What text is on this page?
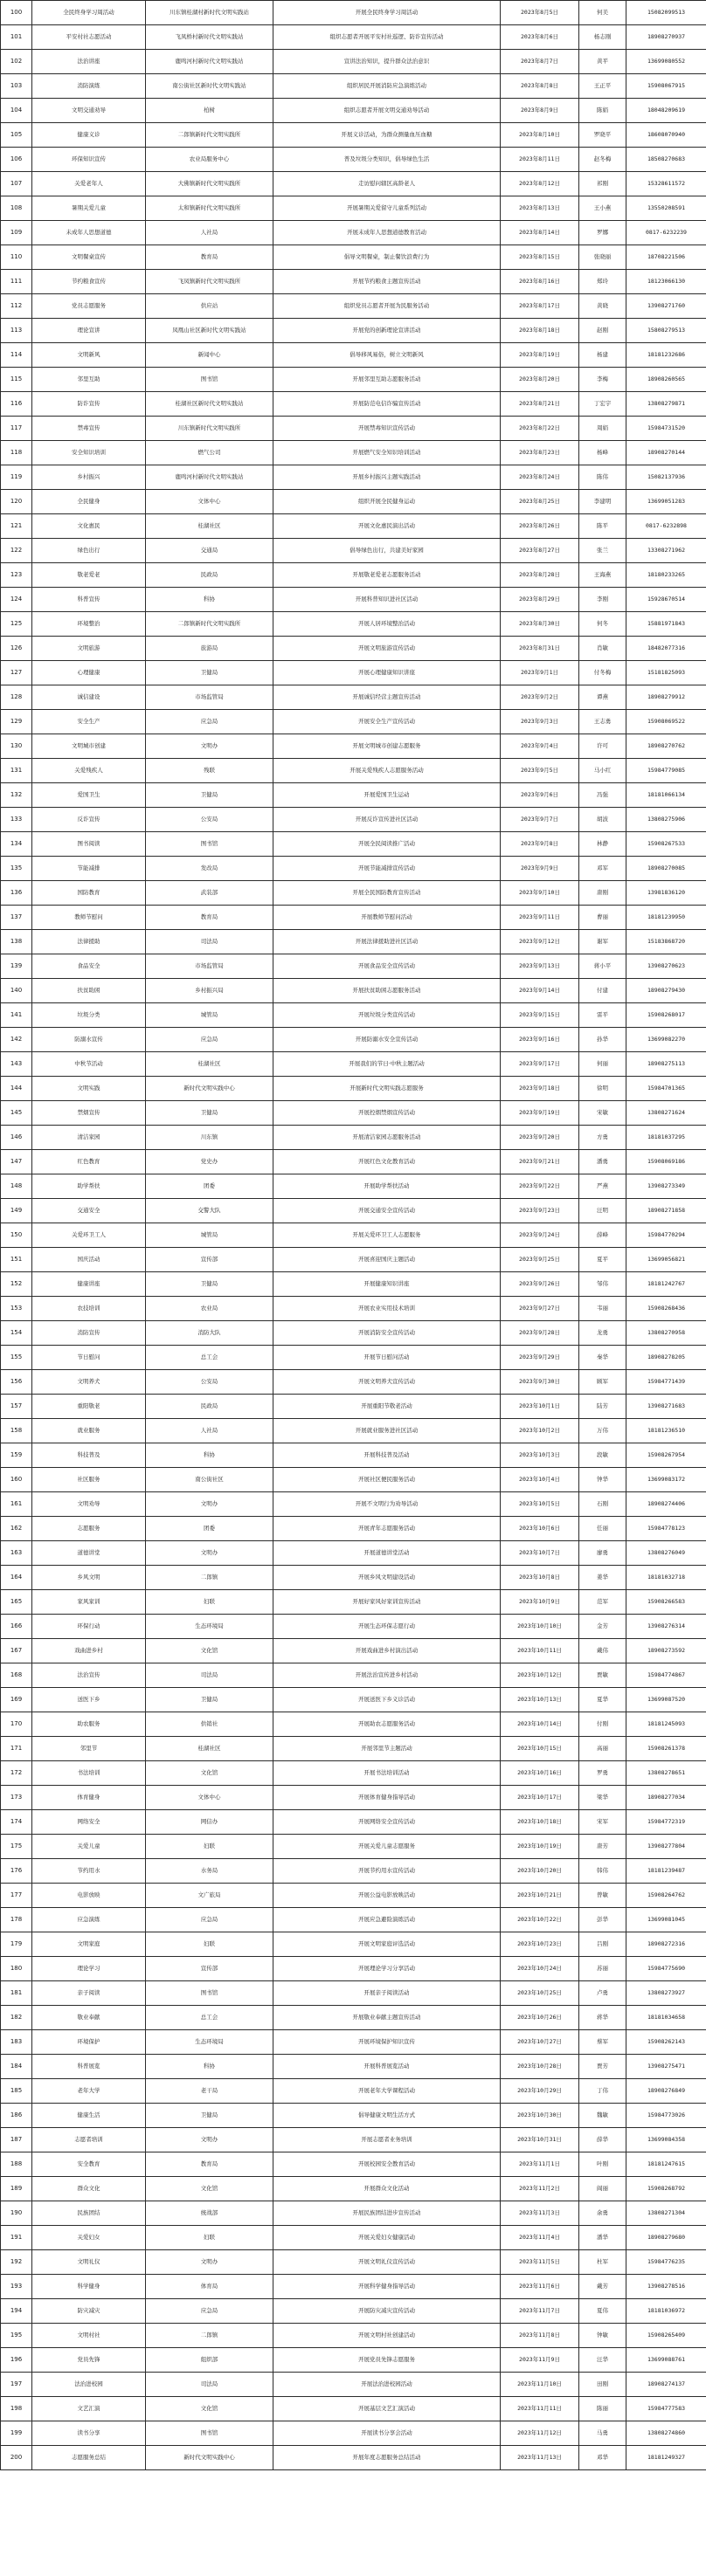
100	全民终身学习周活动	川东镇桂湖村新时代文明实践站	开展全民终身学习周活动	2023年8月5日	何美	15082099513
101	平安村社志愿活动	飞凤桥村新时代文明实践站	组织志愿者开展平安村社巡逻、防诈宣传活动	2023年8月6日	杨志刚	18908270937
102	法治讲座	鹿鸣河村新时代文明实践站	宣讲法治知识，提升群众法治意识	2023年8月7日	黄平	13699080552
103	消防演练	南公街社区新时代文明实践站	组织居民开展消防应急演练活动	2023年8月8日	王正平	15908067915
104	文明交通劝导	柏树	组织志愿者开展文明交通劝导活动	2023年8月9日	陈娟	18048209619
105	健康义诊	二郎镇新时代文明实践所	开展义诊活动，为群众测量血压血糖	2023年8月10日	罗晓平	18608070940
106	环保知识宣传	农业局服务中心	普及垃圾分类知识，倡导绿色生活	2023年8月11日	赵冬梅	18508270683
107	关爱老年人	大佛镇新时代文明实践所	走访慰问辖区高龄老人	2023年8月12日	祁刚	15328611572
108	暑期关爱儿童	太和镇新时代文明实践所	开展暑期关爱留守儿童系列活动	2023年8月13日	王小燕	13550208591
109	未成年人思想道德	人社局	开展未成年人思想道德教育活动	2023年8月14日	罗娜	0817-6232239
110	文明餐桌宣传	教育局	倡导文明餐桌，制止餐饮浪费行为	2023年8月15日	张晓丽	18708221506
111	节约粮食宣传	飞凤镇新时代文明实践所	开展节约粮食主题宣传活动	2023年8月16日	郑玲	18123066130
112	党员志愿服务	供应站	组织党员志愿者开展为民服务活动	2023年8月17日	黄晓	13908271760
113	理论宣讲	凤凰山社区新时代文明实践站	开展党的创新理论宣讲活动	2023年8月18日	赵刚	15808279513
114	文明新风	新闻中心	倡导移风易俗，树立文明新风	2023年8月19日	杨建	18181232686
115	邻里互助	图书馆	开展邻里互助志愿服务活动	2023年8月20日	李梅	18908260565
116	防诈宣传	桂湖社区新时代文明实践站	开展防范电信诈骗宣传活动	2023年8月21日	丁宏宇	13808279871
117	禁毒宣传	川东镇新时代文明实践所	开展禁毒知识宣传活动	2023年8月22日	周娟	15984731520
118	安全知识培训	燃气公司	开展燃气安全知识培训活动	2023年8月23日	杨峰	18908270144
119	乡村振兴	鹿鸣河村新时代文明实践站	开展乡村振兴主题实践活动	2023年8月24日	陈伟	15082137936
120	全民健身	文体中心	组织开展全民健身运动	2023年8月25日	李建明	13699051283
121	文化惠民	桂湖社区	开展文化惠民演出活动	2023年8月26日	陈平	0817-6232898
122	绿色出行	交通局	倡导绿色出行，共建美好家园	2023年8月27日	张兰	13308271962
123	敬老爱老	民政局	开展敬老爱老志愿服务活动	2023年8月28日	王海燕	18180233265
124	科普宣传	科协	开展科普知识进社区活动	2023年8月29日	李刚	15928670514
125	环境整治	二郎镇新时代文明实践所	开展人居环境整治活动	2023年8月30日	何冬	15881971843
126	文明旅游	旅游局	开展文明旅游宣传活动	2023年8月31日	肖敏	18482077316
127	心理健康	卫健局	开展心理健康知识讲座	2023年9月1日	付冬梅	15181825093
128	诚信建设	市场监管局	开展诚信经营主题宣传活动	2023年9月2日	谭燕	18908279912
129	安全生产	应急局	开展安全生产宣传活动	2023年9月3日	王志勇	15908069522
130	文明城市创建	文明办	开展文明城市创建志愿服务	2023年9月4日	许可	18908270762
131	关爱残疾人	残联	开展关爱残疾人志愿服务活动	2023年9月5日	马小红	15984779085
132	爱国卫生	卫健局	开展爱国卫生运动	2023年9月6日	冯强	18181066134
133	反诈宣传	公安局	开展反诈宣传进社区活动	2023年9月7日	胡波	13808275906
134	图书阅读	图书馆	开展全民阅读推广活动	2023年9月8日	林静	15908267533
135	节能减排	发改局	开展节能减排宣传活动	2023年9月9日	邓军	18908270085
136	国防教育	武装部	开展全民国防教育宣传活动	2023年9月10日	唐刚	13981836120
137	教师节慰问	教育局	开展教师节慰问活动	2023年9月11日	曹丽	18181239950
138	法律援助	司法局	开展法律援助进社区活动	2023年9月12日	谢军	15183868720
139	食品安全	市场监管局	开展食品安全宣传活动	2023年9月13日	蒋小平	13908270623
140	扶贫助困	乡村振兴局	开展扶贫助困志愿服务活动	2023年9月14日	付建	18908279430
141	垃圾分类	城管局	开展垃圾分类宣传活动	2023年9月15日	雷平	15908268017
142	防溺水宣传	应急局	开展防溺水安全宣传活动	2023年9月16日	孙华	13699082270
143	中秋节活动	桂湖社区	开展我们的节日·中秋主题活动	2023年9月17日	何丽	18908275113
144	文明实践	新时代文明实践中心	开展新时代文明实践志愿服务	2023年9月18日	徐明	15984701365
145	禁烟宣传	卫健局	开展控烟禁烟宣传活动	2023年9月19日	宋敏	13808271624
146	清洁家园	川东镇	开展清洁家园志愿服务活动	2023年9月20日	方勇	18181037295
147	红色教育	党史办	开展红色文化教育活动	2023年9月21日	潘勇	15908069186
148	助学帮扶	团委	开展助学帮扶活动	2023年9月22日	严燕	13908273349
149	交通安全	交警大队	开展交通安全宣传活动	2023年9月23日	汪明	18908271858
150	关爱环卫工人	城管局	开展关爱环卫工人志愿服务	2023年9月24日	薛峰	15984770294
151	国庆活动	宣传部	开展喜迎国庆主题活动	2023年9月25日	夏平	13699056821
152	健康讲座	卫健局	开展健康知识讲座	2023年9月26日	邹伟	18181242767
153	农技培训	农业局	开展农业实用技术培训	2023年9月27日	韦丽	15908268436
154	消防宣传	消防大队	开展消防安全宣传活动	2023年9月28日	龙勇	13808270958
155	节日慰问	总工会	开展节日慰问活动	2023年9月29日	秦华	18908278205
156	文明养犬	公安局	开展文明养犬宣传活动	2023年9月30日	顾军	15984771439
157	重阳敬老	民政局	开展重阳节敬老活动	2023年10月1日	陆芳	13908271683
158	就业服务	人社局	开展就业服务进社区活动	2023年10月2日	万伟	18181236510
159	科技普及	科协	开展科技普及活动	2023年10月3日	段敏	15908267954
160	社区服务	南公街社区	开展社区便民服务活动	2023年10月4日	钟华	13699083172
161	文明劝导	文明办	开展不文明行为劝导活动	2023年10月5日	石刚	18908274406
162	志愿服务	团委	开展青年志愿服务活动	2023年10月6日	任丽	15984778123
163	道德讲堂	文明办	开展道德讲堂活动	2023年10月7日	廖勇	13808276049
164	乡风文明	二郎镇	开展乡风文明建设活动	2023年10月8日	姜华	18181032718
165	家风家训	妇联	开展好家风好家训宣传活动	2023年10月9日	范军	15908266583
166	环保行动	生态环境局	开展生态环保志愿行动	2023年10月10日	金芳	13908276314
167	戏曲进乡村	文化馆	开展戏曲进乡村演出活动	2023年10月11日	戴伟	18908273592
168	法治宣传	司法局	开展法治宣传进乡村活动	2023年10月12日	贾敏	15984774867
169	送医下乡	卫健局	开展送医下乡义诊活动	2023年10月13日	夏华	13699087520
170	助农服务	供销社	开展助农志愿服务活动	2023年10月14日	付刚	18181245093
171	邻里节	桂湖社区	开展邻里节主题活动	2023年10月15日	高丽	15908261378
172	书法培训	文化馆	开展书法培训活动	2023年10月16日	罗勇	13808278651
173	体育健身	文体中心	开展体育健身指导活动	2023年10月17日	梁华	18908277034
174	网络安全	网信办	开展网络安全宣传活动	2023年10月18日	宋军	15984772319
175	关爱儿童	妇联	开展关爱儿童志愿服务	2023年10月19日	唐芳	13908277804
176	节约用水	水务局	开展节约用水宣传活动	2023年10月20日	韩伟	18181239487
177	电影放映	文广旅局	开展公益电影放映活动	2023年10月21日	曾敏	15908264762
178	应急演练	应急局	开展应急避险演练活动	2023年10月22日	彭华	13699081045
179	文明家庭	妇联	开展文明家庭评选活动	2023年10月23日	吕刚	18908272316
180	理论学习	宣传部	开展理论学习分享活动	2023年10月24日	苏丽	15984775690
181	亲子阅读	图书馆	开展亲子阅读活动	2023年10月25日	卢勇	13808273927
182	敬业奉献	总工会	开展敬业奉献主题宣传活动	2023年10月26日	蒋华	18181034658
183	环境保护	生态环境局	开展环境保护知识宣传	2023年10月27日	蔡军	15908262143
184	科普展览	科协	开展科普展览活动	2023年10月28日	贾芳	13908275471
185	老年大学	老干局	开展老年大学课程活动	2023年10月29日	丁伟	18908276849
186	健康生活	卫健局	倡导健康文明生活方式	2023年10月30日	魏敏	15984773026
187	志愿者培训	文明办	开展志愿者业务培训	2023年10月31日	薛华	13699084358
188	安全教育	教育局	开展校园安全教育活动	2023年11月1日	叶刚	18181247615
189	群众文化	文化馆	开展群众文化活动	2023年11月2日	阎丽	15908268792
190	民族团结	统战部	开展民族团结进步宣传活动	2023年11月3日	余勇	13808271304
191	关爱妇女	妇联	开展关爱妇女健康活动	2023年11月4日	潘华	18908279680
192	文明礼仪	文明办	开展文明礼仪宣传活动	2023年11月5日	杜军	15984776235
193	科学健身	体育局	开展科学健身指导活动	2023年11月6日	戴芳	13908278516
194	防灾减灾	应急局	开展防灾减灾宣传活动	2023年11月7日	夏伟	18181036972
195	文明村社	二郎镇	开展文明村社创建活动	2023年11月8日	钟敏	15908265409
196	党员先锋	组织部	开展党员先锋志愿服务	2023年11月9日	汪华	13699088761
197	法治进校园	司法局	开展法治进校园活动	2023年11月10日	田刚	18908274137
198	文艺汇演	文化馆	开展基层文艺汇演活动	2023年11月11日	陈丽	15984777583
199	读书分享	图书馆	开展读书分享会活动	2023年11月12日	马勇	13808274860
200	志愿服务总结	新时代文明实践中心	开展年度志愿服务总结活动	2023年11月13日	邓华	18181249327
